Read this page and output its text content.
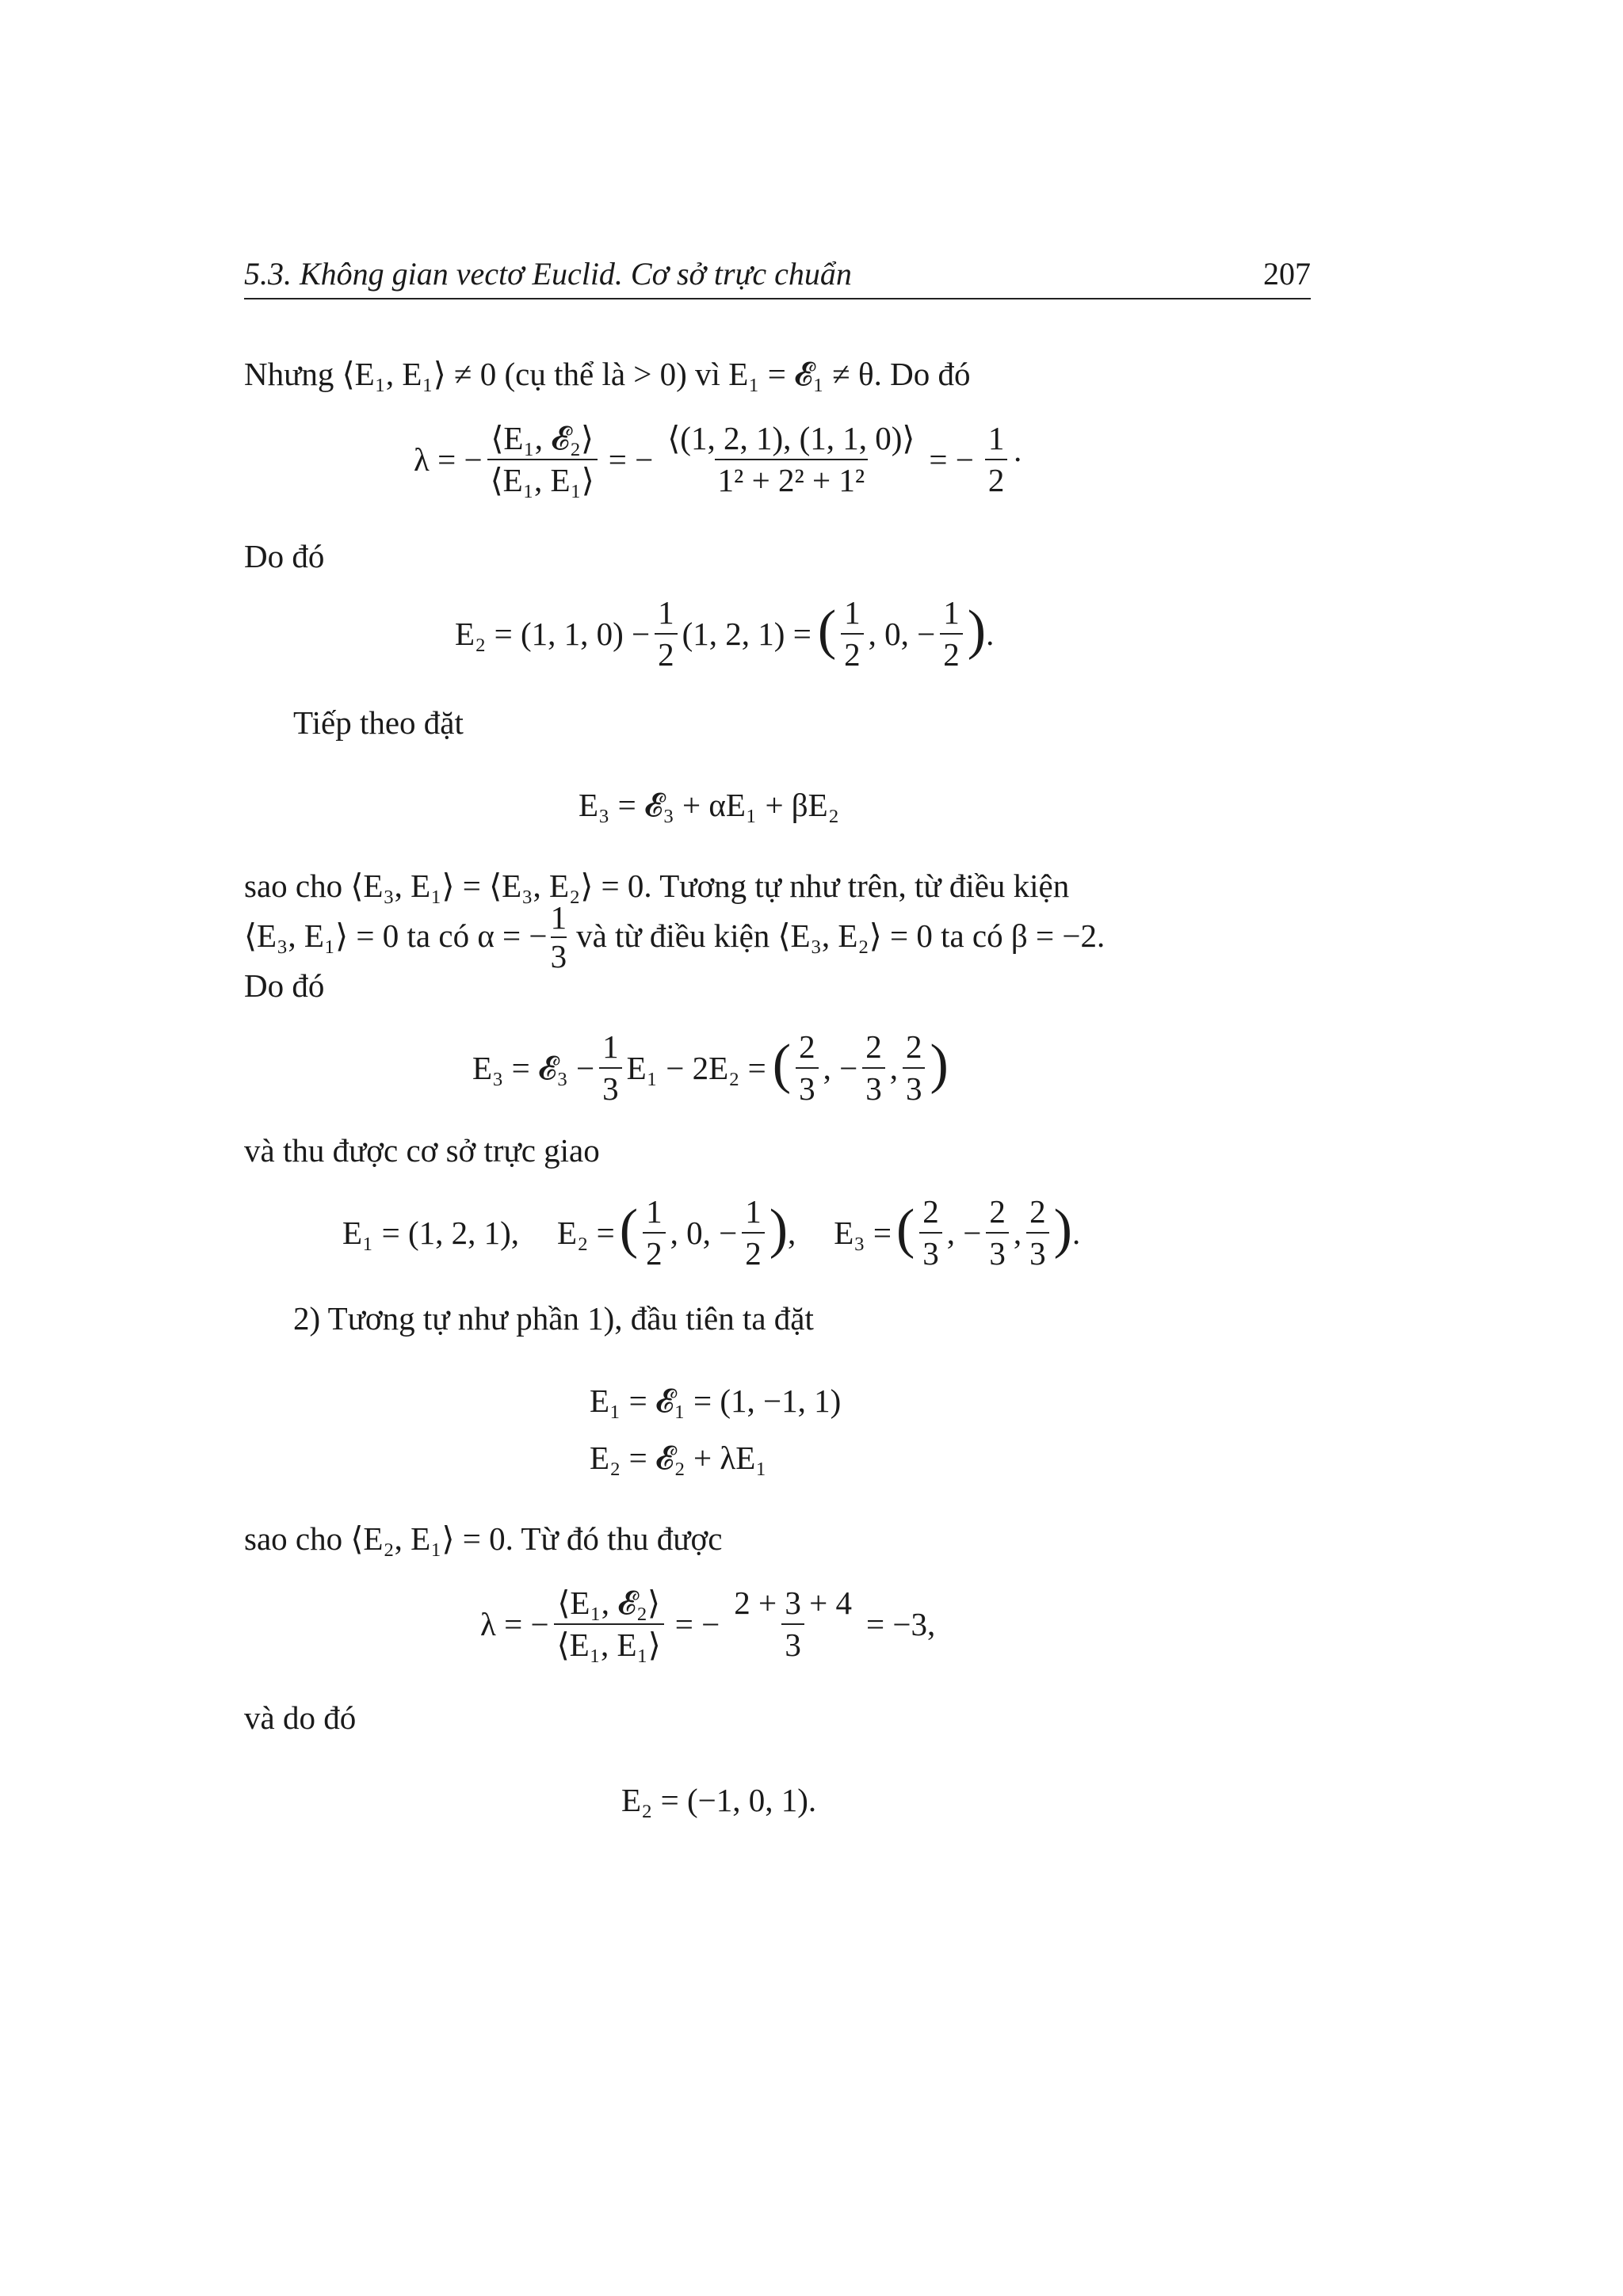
5.3. Không gian vectơ Euclid. Cơ sở trực chuẩn	207
Nhưng ⟨E₁, E₁⟩ ≠ 0 (cụ thể là > 0) vì E₁ = 𝓔₁ ≠ θ. Do đó
λ = − $\frac{\text{⟨E₁, 𝓔₂⟩}}{\text{⟨E₁, E₁⟩}}$ = − $\frac{⟨(1, 2, 1), (1, 1, 0)⟩}{\text{1² + 2² + 1²}}$ = − $\frac{1}{2}$ ·
Do đó
E₂ = (1, 1, $0) - \frac{1}{2} (1$, 2, 1) = ( $\frac{1}{2}$ , 0, − $\frac{1}{2}$ ) .
Tiếp theo đặt
E₃ = 𝓔₃ + αE₁ + βE₂
sao cho ⟨E₃, E₁⟩ = ⟨E₃, E₂⟩ = 0. Tương tự như trên, từ điều kiện
⟨E₃, E₁⟩ = 0 ta có α = − $\frac{1}{3}$ và từ điều kiện ⟨E₃, E₂⟩ = 0 ta có β = −2.
Do đó
E₃ = 𝓔₃ − $\frac{1}{3} E_1 - 2E_2$ = ( $\frac{2}{3}$ , − $\frac{2}{3}$ , $\frac{2}{3}$ )
và thu được cơ sở trực giao
E₁ = (1, 2, 1), E₂ = ( $\frac{1}{2}$ , 0, − $\frac{1}{2}$ ) , E₃ = ( $\frac{2}{3}$ , − $\frac{2}{3}$ , $\frac{2}{3}$ ) .
2) Tương tự như phần 1), đầu tiên ta đặt
E₁ = 𝓔₁ = (1, −1, 1)
E₂ = 𝓔₂ + λE₁
sao cho ⟨E₂, E₁⟩ = 0. Từ đó thu được
λ = − $\frac{\text{⟨E₁, 𝓔₂⟩}}{\text{⟨E₁, E₁⟩}}$ = − $\frac{2 + 3 + 4}{3} = -3$,
và do đó
E₂ = (−1, 0, 1).
